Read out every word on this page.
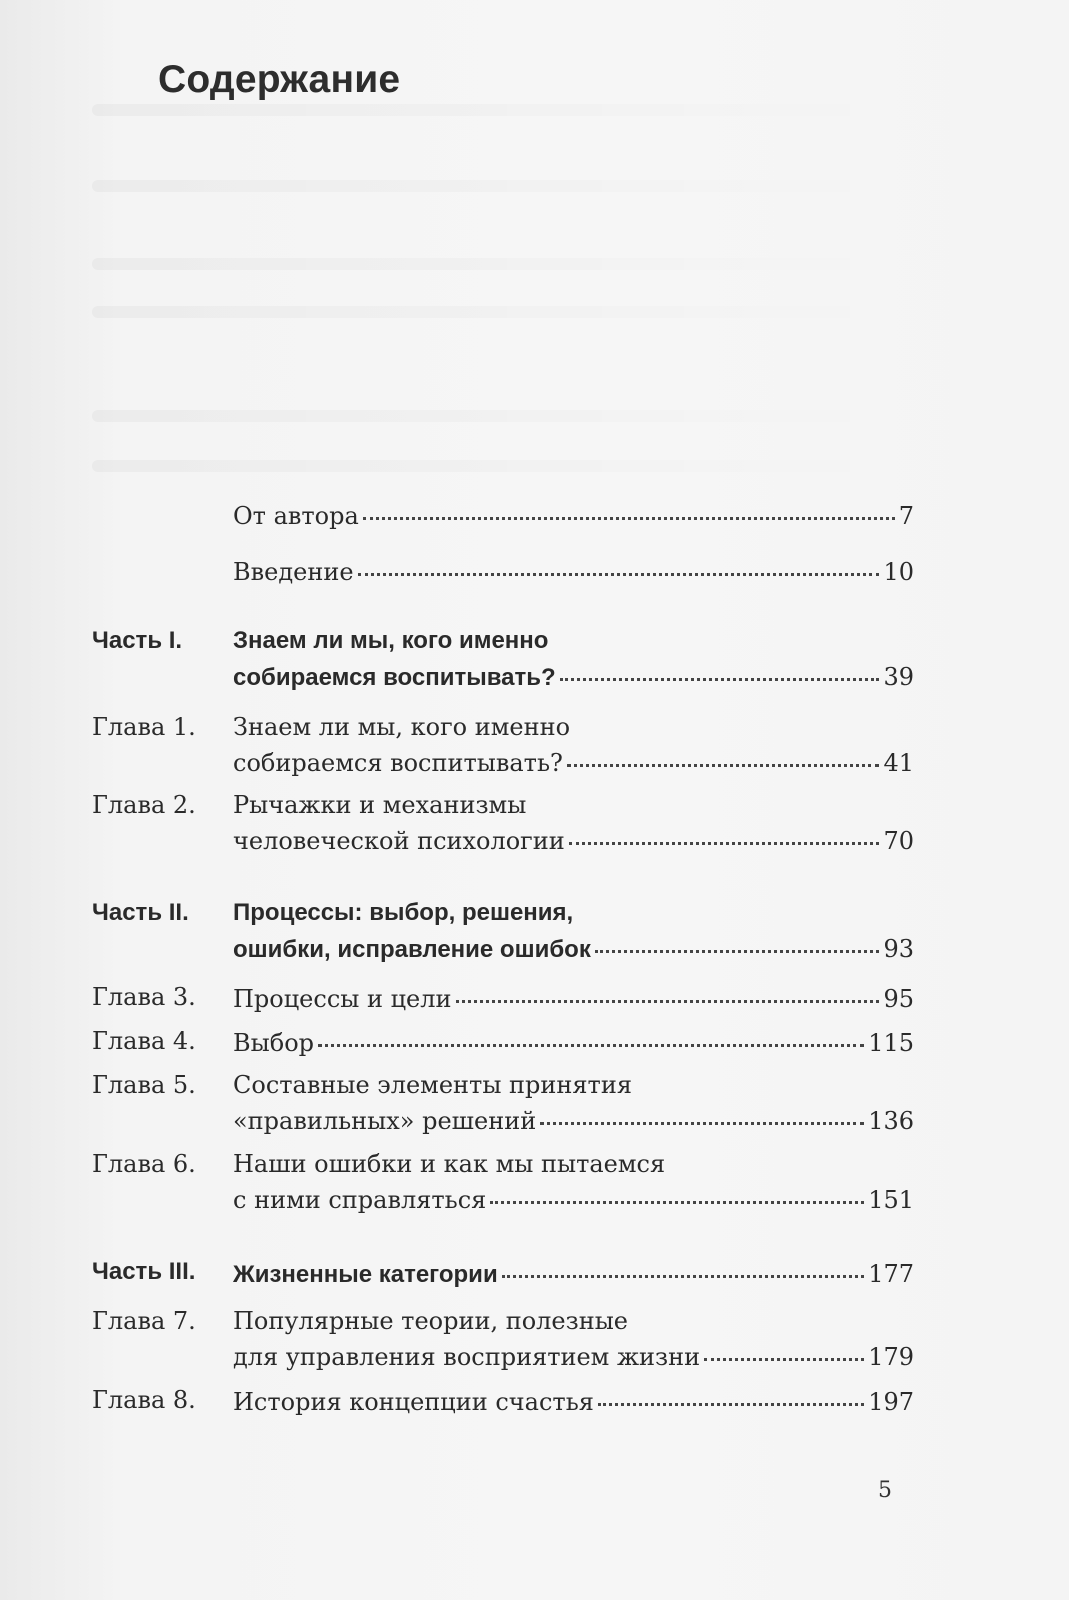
Содержание
От автора	7
Введение	10
Часть I.	Знаем ли мы, кого именно
собираемся воспитывать?	39
Глава 1.	Знаем ли мы, кого именно
собираемся воспитывать?	41
Глава 2.	Рычажки и механизмы
человеческой психологии	70
Часть II.	Процессы: выбор, решения,
ошибки, исправление ошибок	93
Глава 3.	Процессы и цели	95
Глава 4.	Выбор	115
Глава 5.	Составные элементы принятия
«правильных» решений	136
Глава 6.	Наши ошибки и как мы пытаемся
с ними справляться	151
Часть III.	Жизненные категории	177
Глава 7.	Популярные теории, полезные
для управления восприятием жизни	179
Глава 8.	История концепции счастья	197
5
